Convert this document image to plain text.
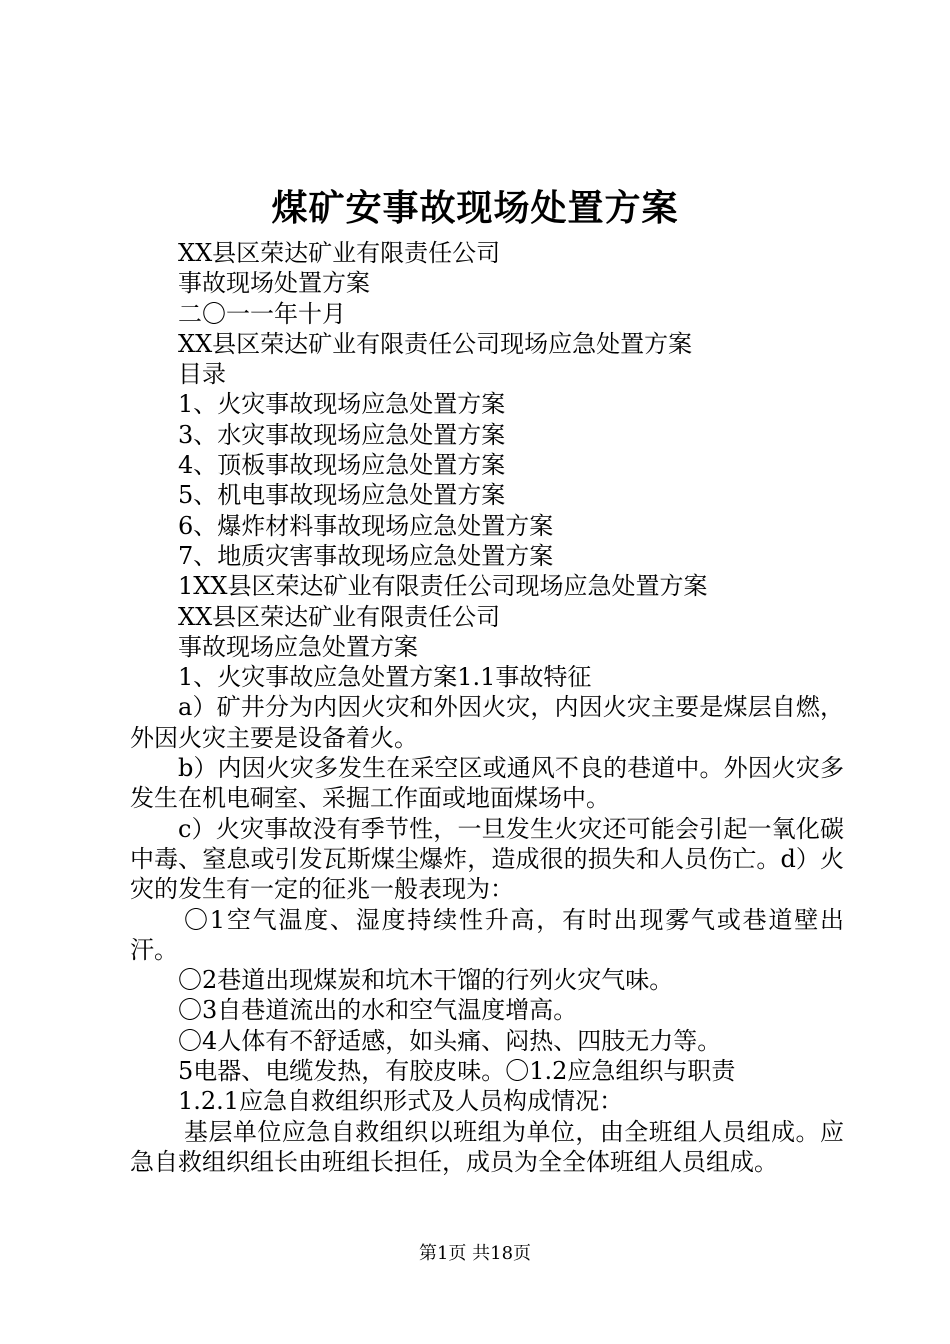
煤矿安事故现场处置方案

XX县区荣达矿业有限责任公司

事故现场处置方案

二〇一一年十月

XX县区荣达矿业有限责任公司现场应急处置方案

目录

1、火灾事故现场应急处置方案

3、水灾事故现场应急处置方案

4、顶板事故现场应急处置方案

5、机电事故现场应急处置方案

6、爆炸材料事故现场应急处置方案

7、地质灾害事故现场应急处置方案

1XX县区荣达矿业有限责任公司现场应急处置方案

XX县区荣达矿业有限责任公司

事故现场应急处置方案

1、火灾事故应急处置方案1.1事故特征

a）矿井分为内因火灾和外因火灾，内因火灾主要是煤层自燃，外因火灾主要是设备着火。

b）内因火灾多发生在采空区或通风不良的巷道中。外因火灾多发生在机电硐室、采掘工作面或地面煤场中。

c）火灾事故没有季节性，一旦发生火灾还可能会引起一氧化碳中毒、窒息或引发瓦斯煤尘爆炸，造成很的损失和人员伤亡。d）火灾的发生有一定的征兆一般表现为：

〇1空气温度、湿度持续性升高，有时出现雾气或巷道壁出汗。

〇2巷道出现煤炭和坑木干馏的行列火灾气味。

〇3自巷道流出的水和空气温度增高。

〇4人体有不舒适感，如头痛、闷热、四肢无力等。

5电器、电缆发热，有胶皮味。〇1.2应急组织与职责

1.2.1应急自救组织形式及人员构成情况：

基层单位应急自救组织以班组为单位，由全班组人员组成。应急自救组织组长由班组长担任，成员为全全体班组人员组成。

第1页 共18页
